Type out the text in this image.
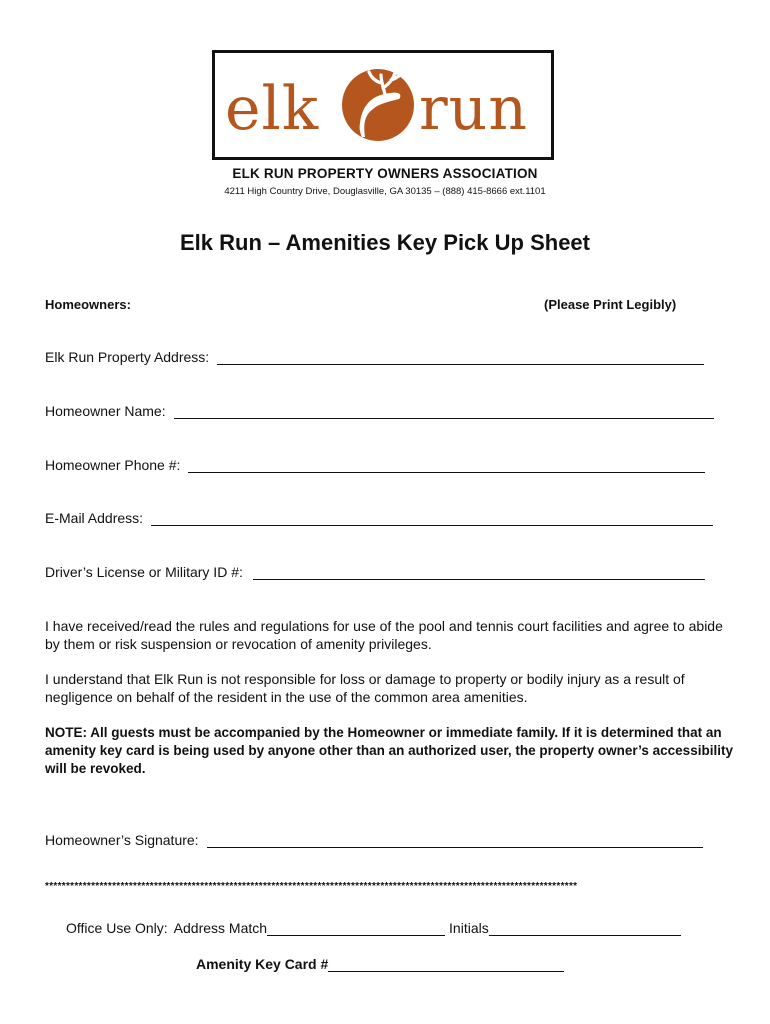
elk run
ELK RUN PROPERTY OWNERS ASSOCIATION
4211 High Country Drive, Douglasville, GA 30135 – (888) 415-8666 ext.1101
Elk Run – Amenities Key Pick Up Sheet
Homeowners:	(Please Print Legibly)
Elk Run Property Address:
Homeowner Name:
Homeowner Phone #:
E-Mail Address:
Driver’s License or Military ID #:
I have received/read the rules and regulations for use of the pool and tennis court facilities and agree to abide by them or risk suspension or revocation of amenity privileges.
I understand that Elk Run is not responsible for loss or damage to property or bodily injury as a result of negligence on behalf of the resident in the use of the common area amenities.
NOTE: All guests must be accompanied by the Homeowner or immediate family. If it is determined that an amenity key card is being used by anyone other than an authorized user, the property owner’s accessibility will be revoked.
Homeowner’s Signature:
*******************************************************************************************************************************
Office Use Only: Address Match	Initials
Amenity Key Card #
